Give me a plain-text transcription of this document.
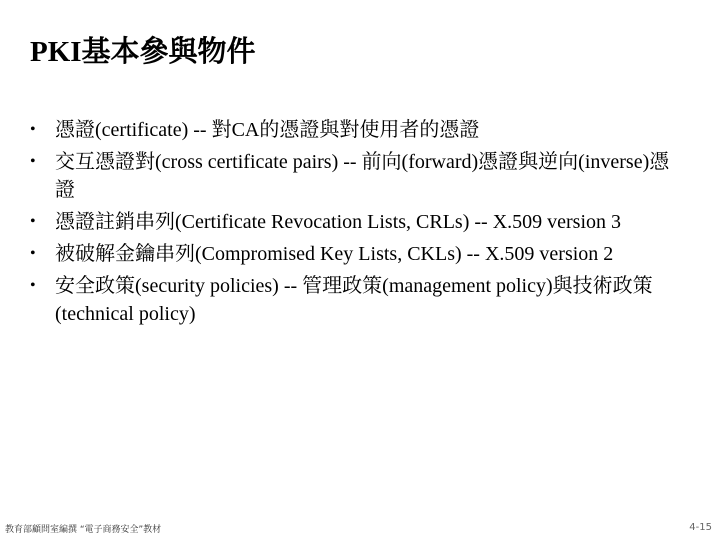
PKI基本參與物件
• 憑證(certificate) -- 對CA的憑證與對使用者的憑證
• 交互憑證對(cross certificate pairs) -- 前向(forward)憑證與逆向(inverse)憑證
• 憑證註銷串列(Certificate Revocation Lists, CRLs) -- X.509 version 3
• 被破解金鑰串列(Compromised Key Lists, CKLs) -- X.509 version 2
• 安全政策(security policies) -- 管理政策(management policy)與技術政策(technical policy)
教育部顧問室編撰 “電子商務安全”教材	4-15
